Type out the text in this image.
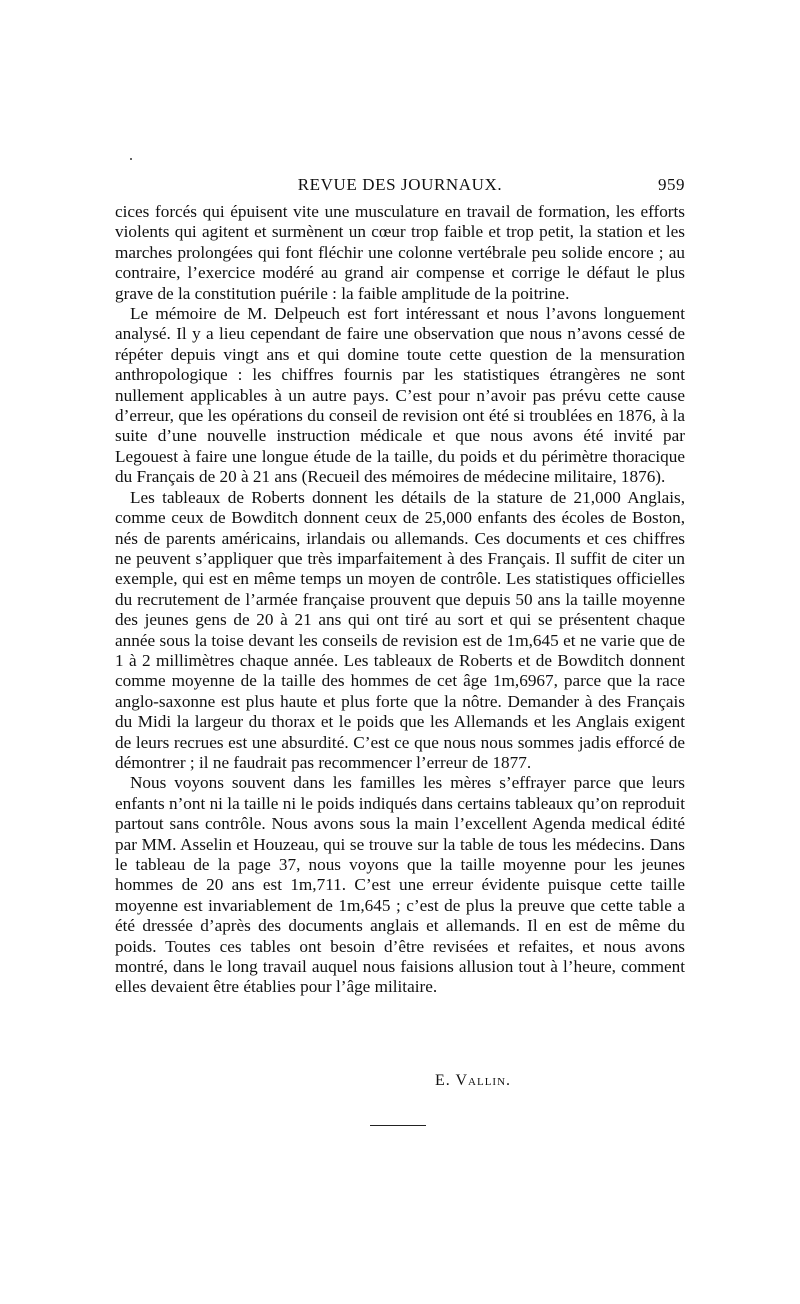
REVUE DES JOURNAUX.	959

cices forcés qui épuisent vite une musculature en travail de formation, les efforts violents qui agitent et surmènent un cœur trop faible et trop petit, la station et les marches prolongées qui font fléchir une colonne vertébrale peu solide encore ; au contraire, l’exercice modéré au grand air compense et corrige le défaut le plus grave de la constitution puérile : la faible amplitude de la poitrine.

Le mémoire de M. Delpeuch est fort intéressant et nous l’avons longuement analysé. Il y a lieu cependant de faire une observation que nous n’avons cessé de répéter depuis vingt ans et qui domine toute cette question de la mensuration anthropologique : les chiffres fournis par les statistiques étrangères ne sont nullement applicables à un autre pays. C’est pour n’avoir pas prévu cette cause d’erreur, que les opérations du conseil de revision ont été si troublées en 1876, à la suite d’une nouvelle instruction médicale et que nous avons été invité par Legouest à faire une longue étude de la taille, du poids et du périmètre thoracique du Français de 20 à 21 ans (Recueil des mémoires de médecine militaire, 1876).

Les tableaux de Roberts donnent les détails de la stature de 21,000 Anglais, comme ceux de Bowditch donnent ceux de 25,000 enfants des écoles de Boston, nés de parents américains, irlandais ou allemands. Ces documents et ces chiffres ne peuvent s’appliquer que très imparfaitement à des Français. Il suffit de citer un exemple, qui est en même temps un moyen de contrôle. Les statistiques officielles du recrutement de l’armée française prouvent que depuis 50 ans la taille moyenne des jeunes gens de 20 à 21 ans qui ont tiré au sort et qui se présentent chaque année sous la toise devant les conseils de revision est de 1m,645 et ne varie que de 1 à 2 millimètres chaque année. Les tableaux de Roberts et de Bowditch donnent comme moyenne de la taille des hommes de cet âge 1m,6967, parce que la race anglo-saxonne est plus haute et plus forte que la nôtre. Demander à des Français du Midi la largeur du thorax et le poids que les Allemands et les Anglais exigent de leurs recrues est une absurdité. C’est ce que nous nous sommes jadis efforcé de démontrer ; il ne faudrait pas recommencer l’erreur de 1877.

Nous voyons souvent dans les familles les mères s’effrayer parce que leurs enfants n’ont ni la taille ni le poids indiqués dans certains tableaux qu’on reproduit partout sans contrôle. Nous avons sous la main l’excellent Agenda medical édité par MM. Asselin et Houzeau, qui se trouve sur la table de tous les médecins. Dans le tableau de la page 37, nous voyons que la taille moyenne pour les jeunes hommes de 20 ans est 1m,711. C’est une erreur évidente puisque cette taille moyenne est invariablement de 1m,645 ; c’est de plus la preuve que cette table a été dressée d’après des documents anglais et allemands. Il en est de même du poids. Toutes ces tables ont besoin d’être revisées et refaites, et nous avons montré, dans le long travail auquel nous faisions allusion tout à l’heure, comment elles devaient être établies pour l’âge militaire.

E. Vallin.
